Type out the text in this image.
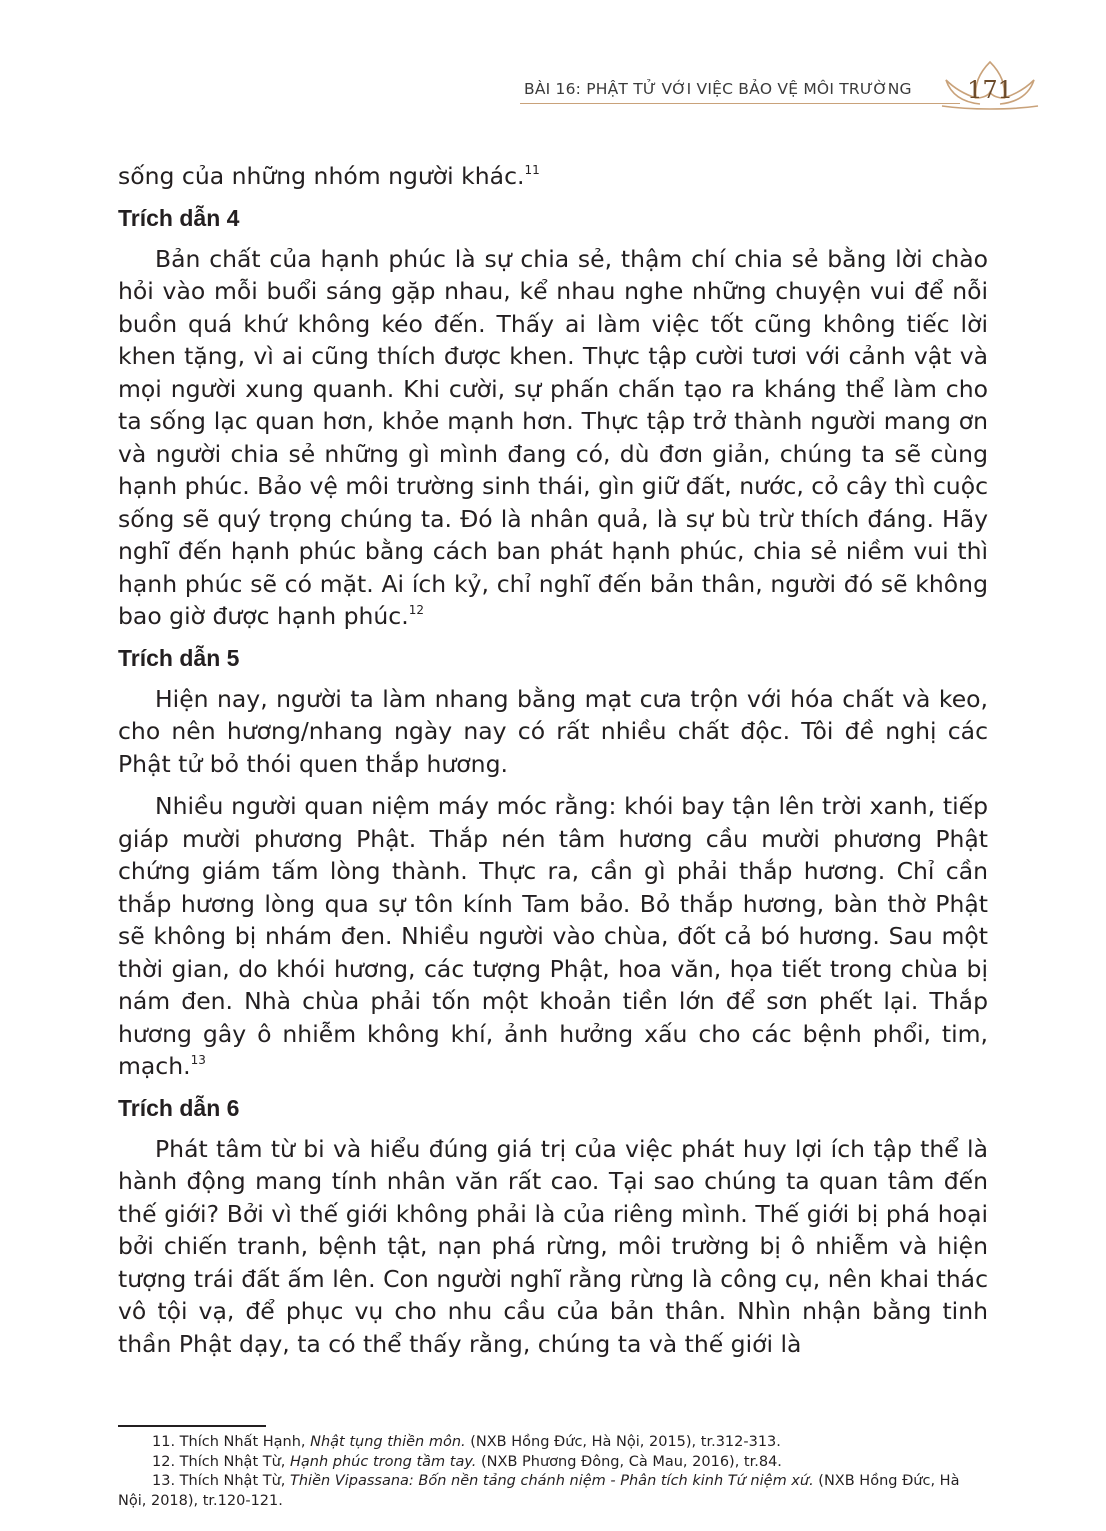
BÀI 16: PHẬT TỬ VỚI VIỆC BẢO VỆ MÔI TRƯỜNG	171

sống của những nhóm người khác.$^{11}$

Trích dẫn 4

Bản chất của hạnh phúc là sự chia sẻ, thậm chí chia sẻ bằng lời chào hỏi vào mỗi buổi sáng gặp nhau, kể nhau nghe những chuyện vui để nỗi buồn quá khứ không kéo đến. Thấy ai làm việc tốt cũng không tiếc lời khen tặng, vì ai cũng thích được khen. Thực tập cười tươi với cảnh vật và mọi người xung quanh. Khi cười, sự phấn chấn tạo ra kháng thể làm cho ta sống lạc quan hơn, khỏe mạnh hơn. Thực tập trở thành người mang ơn và người chia sẻ những gì mình đang có, dù đơn giản, chúng ta sẽ cùng hạnh phúc. Bảo vệ môi trường sinh thái, gìn giữ đất, nước, cỏ cây thì cuộc sống sẽ quý trọng chúng ta. Đó là nhân quả, là sự bù trừ thích đáng. Hãy nghĩ đến hạnh phúc bằng cách ban phát hạnh phúc, chia sẻ niềm vui thì hạnh phúc sẽ có mặt. Ai ích kỷ, chỉ nghĩ đến bản thân, người đó sẽ không bao giờ được hạnh phúc.$^{12}$

Trích dẫn 5

Hiện nay, người ta làm nhang bằng mạt cưa trộn với hóa chất và keo, cho nên hương/nhang ngày nay có rất nhiều chất độc. Tôi đề nghị các Phật tử bỏ thói quen thắp hương.

Nhiều người quan niệm máy móc rằng: khói bay tận lên trời xanh, tiếp giáp mười phương Phật. Thắp nén tâm hương cầu mười phương Phật chứng giám tấm lòng thành. Thực ra, cần gì phải thắp hương. Chỉ cần thắp hương lòng qua sự tôn kính Tam bảo. Bỏ thắp hương, bàn thờ Phật sẽ không bị nhám đen. Nhiều người vào chùa, đốt cả bó hương. Sau một thời gian, do khói hương, các tượng Phật, hoa văn, họa tiết trong chùa bị nám đen. Nhà chùa phải tốn một khoản tiền lớn để sơn phết lại. Thắp hương gây ô nhiễm không khí, ảnh hưởng xấu cho các bệnh phổi, tim, mạch.$^{13}$

Trích dẫn 6

Phát tâm từ bi và hiểu đúng giá trị của việc phát huy lợi ích tập thể là hành động mang tính nhân văn rất cao. Tại sao chúng ta quan tâm đến thế giới? Bởi vì thế giới không phải là của riêng mình. Thế giới bị phá hoại bởi chiến tranh, bệnh tật, nạn phá rừng, môi trường bị ô nhiễm và hiện tượng trái đất ấm lên. Con người nghĩ rằng rừng là công cụ, nên khai thác vô tội vạ, để phục vụ cho nhu cầu của bản thân. Nhìn nhận bằng tinh thần Phật dạy, ta có thể thấy rằng, chúng ta và thế giới là

11. Thích Nhất Hạnh, Nhật tụng thiền môn. (NXB Hồng Đức, Hà Nội, 2015), tr.312-313.

12. Thích Nhật Từ, Hạnh phúc trong tầm tay. (NXB Phương Đông, Cà Mau, 2016), tr.84.

13. Thích Nhật Từ, Thiền Vipassana: Bốn nền tảng chánh niệm - Phân tích kinh Tứ niệm xứ. (NXB Hồng Đức, Hà Nội, 2018), tr.120-121.
